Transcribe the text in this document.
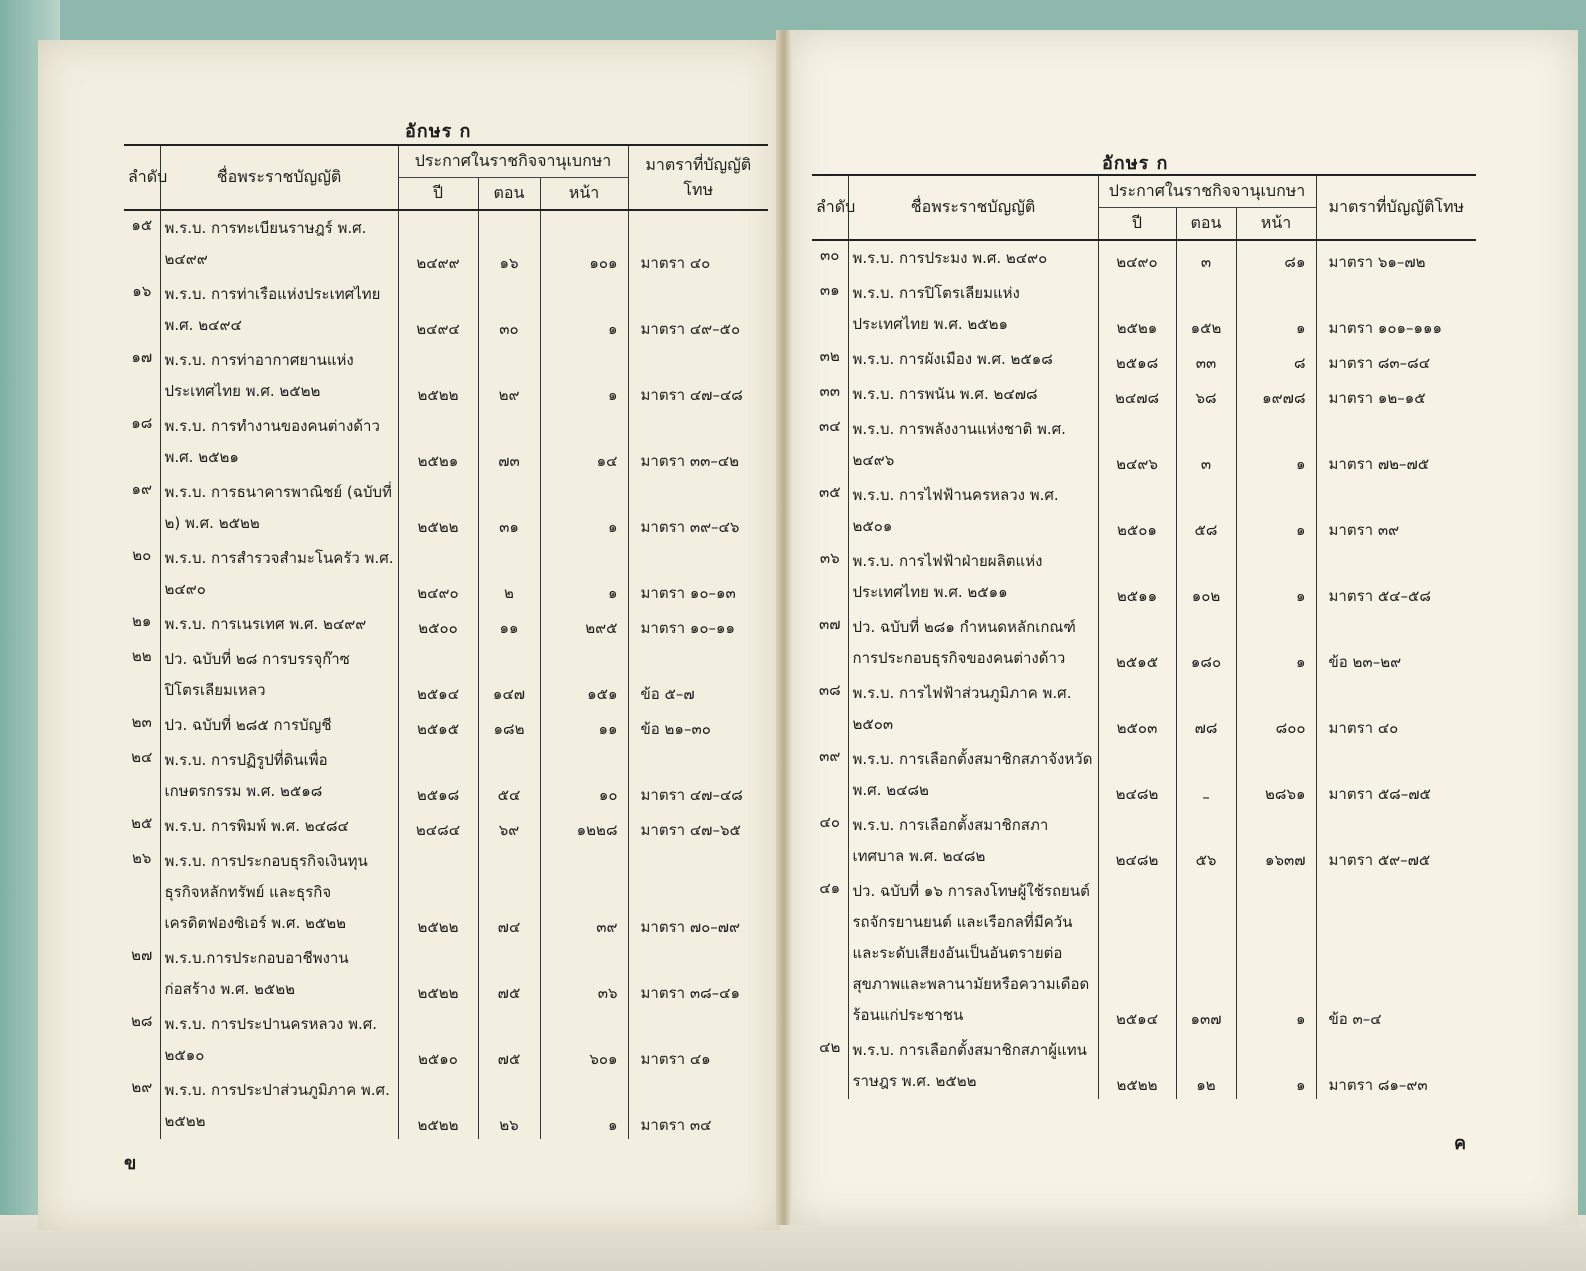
อักษร ก
ลำดับ	ชื่อพระราชบัญญัติ	ประกาศในราชกิจจานุเบกษา			มาตราที่บัญญัติโทษ
		ปี	ตอน	หน้า	
๑๕	พ.ร.บ. การทะเบียนราษฎร์ พ.ศ. ๒๔๙๙	๒๔๙๙	๑๖	๑๐๑	มาตรา ๔๐
๑๖	พ.ร.บ. การท่าเรือแห่งประเทศไทย พ.ศ. ๒๔๙๔	๒๔๙๔	๓๐	๑	มาตรา ๔๙–๕๐
๑๗	พ.ร.บ. การท่าอากาศยานแห่งประเทศไทย พ.ศ. ๒๕๒๒	๒๕๒๒	๒๙	๑	มาตรา ๔๗–๔๘
๑๘	พ.ร.บ. การทำงานของคนต่างด้าว พ.ศ. ๒๕๒๑	๒๕๒๑	๗๓	๑๔	มาตรา ๓๓–๔๒
๑๙	พ.ร.บ. การธนาคารพาณิชย์ (ฉบับที่ ๒) พ.ศ. ๒๕๒๒	๒๕๒๒	๓๑	๑	มาตรา ๓๙–๔๖
๒๐	พ.ร.บ. การสำรวจสำมะโนครัว พ.ศ. ๒๔๙๐	๒๔๙๐	๒	๑	มาตรา ๑๐–๑๓
๒๑	พ.ร.บ. การเนรเทศ พ.ศ. ๒๔๙๙	๒๕๐๐	๑๑	๒๙๕	มาตรา ๑๐–๑๑
๒๒	ปว. ฉบับที่ ๒๘ การบรรจุก๊าซปิโตรเลียมเหลว	๒๕๑๔	๑๔๗	๑๕๑	ข้อ ๕–๗
๒๓	ปว. ฉบับที่ ๒๘๕ การบัญชี	๒๕๑๕	๑๘๒	๑๑	ข้อ ๒๑–๓๐
๒๔	พ.ร.บ. การปฏิรูปที่ดินเพื่อเกษตรกรรม พ.ศ. ๒๕๑๘	๒๕๑๘	๕๔	๑๐	มาตรา ๔๗–๔๘
๒๕	พ.ร.บ. การพิมพ์ พ.ศ. ๒๔๘๔	๒๔๘๔	๖๙	๑๒๒๘	มาตรา ๔๗–๖๕
๒๖	พ.ร.บ. การประกอบธุรกิจเงินทุน ธุรกิจหลักทรัพย์ และธุรกิจเครดิตฟองซิเอร์ พ.ศ. ๒๕๒๒	๒๕๒๒	๗๔	๓๙	มาตรา ๗๐–๗๙
๒๗	พ.ร.บ.การประกอบอาชีพงานก่อสร้าง พ.ศ. ๒๕๒๒	๒๕๒๒	๗๕	๓๖	มาตรา ๓๘–๔๑
๒๘	พ.ร.บ. การประปานครหลวง พ.ศ. ๒๕๑๐	๒๕๑๐	๗๕	๖๐๑	มาตรา ๔๑
๒๙	พ.ร.บ. การประปาส่วนภูมิภาค พ.ศ. ๒๕๒๒	๒๕๒๒	๒๖	๑	มาตรา ๓๔
ข
อักษร ก
ลำดับ	ชื่อพระราชบัญญัติ	ประกาศในราชกิจจานุเบกษา			มาตราที่บัญญัติโทษ
		ปี	ตอน	หน้า	
๓๐	พ.ร.บ. การประมง พ.ศ. ๒๔๙๐	๒๔๙๐	๓	๘๑	มาตรา ๖๑–๗๒
๓๑	พ.ร.บ. การปิโตรเลียมแห่งประเทศไทย พ.ศ. ๒๕๒๑	๒๕๒๑	๑๕๒	๑	มาตรา ๑๐๑–๑๑๑
๓๒	พ.ร.บ. การผังเมือง พ.ศ. ๒๕๑๘	๒๕๑๘	๓๓	๘	มาตรา ๘๓–๘๔
๓๓	พ.ร.บ. การพนัน พ.ศ. ๒๔๗๘	๒๔๗๘	๖๘	๑๙๗๘	มาตรา ๑๒–๑๕
๓๔	พ.ร.บ. การพลังงานแห่งชาติ พ.ศ. ๒๔๙๖	๒๔๙๖	๓	๑	มาตรา ๗๒–๗๕
๓๕	พ.ร.บ. การไฟฟ้านครหลวง พ.ศ. ๒๕๐๑	๒๕๐๑	๕๘	๑	มาตรา ๓๙
๓๖	พ.ร.บ. การไฟฟ้าฝ่ายผลิตแห่งประเทศไทย พ.ศ. ๒๕๑๑	๒๕๑๑	๑๐๒	๑	มาตรา ๕๔–๕๘
๓๗	ปว. ฉบับที่ ๒๘๑ กำหนดหลักเกณฑ์การประกอบธุรกิจของคนต่างด้าว	๒๕๑๕	๑๘๐	๑	ข้อ ๒๓–๒๙
๓๘	พ.ร.บ. การไฟฟ้าส่วนภูมิภาค พ.ศ. ๒๕๐๓	๒๕๐๓	๗๘	๘๐๐	มาตรา ๔๐
๓๙	พ.ร.บ. การเลือกตั้งสมาชิกสภาจังหวัด พ.ศ. ๒๔๘๒	๒๔๘๒	–	๒๘๖๑	มาตรา ๕๘–๗๕
๔๐	พ.ร.บ. การเลือกตั้งสมาชิกสภาเทศบาล พ.ศ. ๒๔๘๒	๒๔๘๒	๕๖	๑๖๓๗	มาตรา ๕๙–๗๕
๔๑	ปว. ฉบับที่ ๑๖ การลงโทษผู้ใช้รถยนต์ รถจักรยานยนต์ และเรือกลที่มีควันและระดับเสียงอันเป็นอันตรายต่อสุขภาพและพลานามัยหรือความเดือดร้อนแก่ประชาชน	๒๕๑๔	๑๓๗	๑	ข้อ ๓–๔
๔๒	พ.ร.บ. การเลือกตั้งสมาชิกสภาผู้แทนราษฎร พ.ศ. ๒๕๒๒	๒๕๒๒	๑๒	๑	มาตรา ๘๑–๙๓
ค
